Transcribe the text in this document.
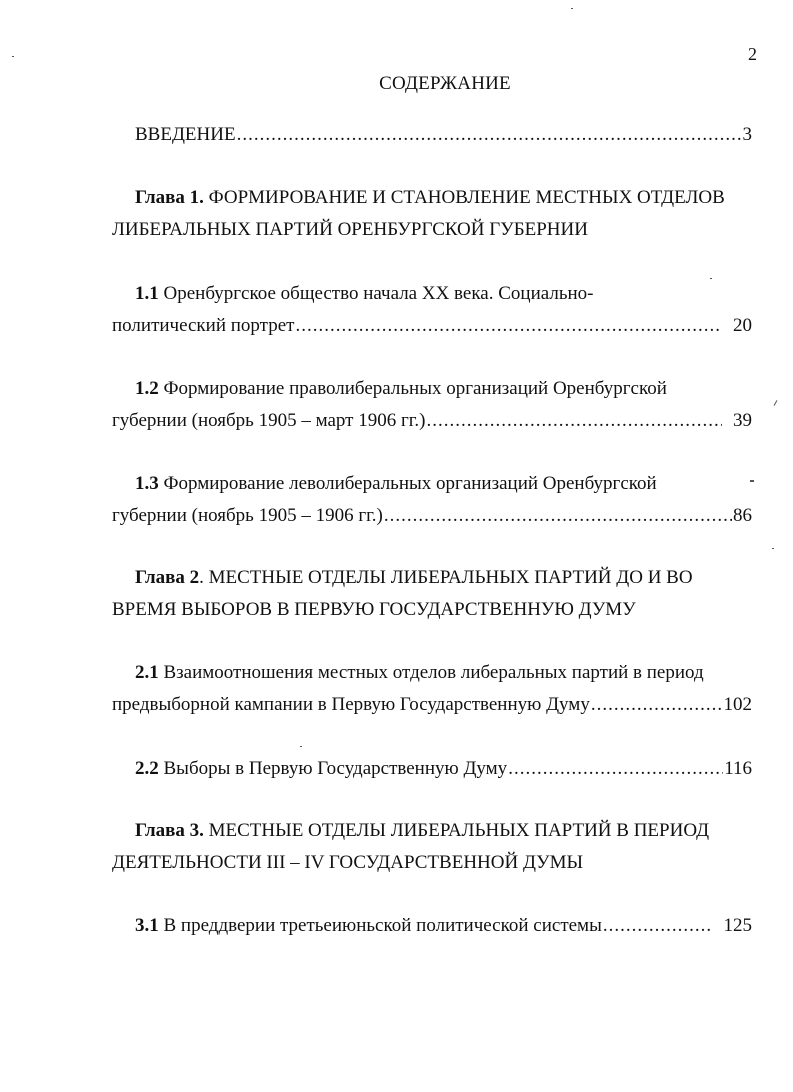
2
СОДЕРЖАНИЕ
ВВЕДЕНИЕ .....	3
Глава 1. ФОРМИРОВАНИЕ И СТАНОВЛЕНИЕ МЕСТНЫХ ОТДЕЛОВ
ЛИБЕРАЛЬНЫХ ПАРТИЙ ОРЕНБУРГСКОЙ ГУБЕРНИИ
1.1 Оренбургское общество начала XX века. Социально-
политический портрет .....	20
1.2 Формирование праволиберальных организаций Оренбургской
губернии (ноябрь 1905 – март 1906 гг.) .....	39
1.3 Формирование леволиберальных организаций Оренбургской
губернии (ноябрь 1905 – 1906 гг.) .....	86
Глава 2. МЕСТНЫЕ ОТДЕЛЫ ЛИБЕРАЛЬНЫХ ПАРТИЙ ДО И ВО
ВРЕМЯ ВЫБОРОВ В ПЕРВУЮ ГОСУДАРСТВЕННУЮ ДУМУ
2.1 Взаимоотношения местных отделов либеральных партий в период
предвыборной кампании в Первую Государственную Думу .....	102
2.2 Выборы в Первую Государственную Думу .....	116
Глава 3. МЕСТНЫЕ ОТДЕЛЫ ЛИБЕРАЛЬНЫХ ПАРТИЙ В ПЕРИОД
ДЕЯТЕЛЬНОСТИ III – IV ГОСУДАРСТВЕННОЙ ДУМЫ
3.1 В преддверии третьеиюньской политической системы .....	125
